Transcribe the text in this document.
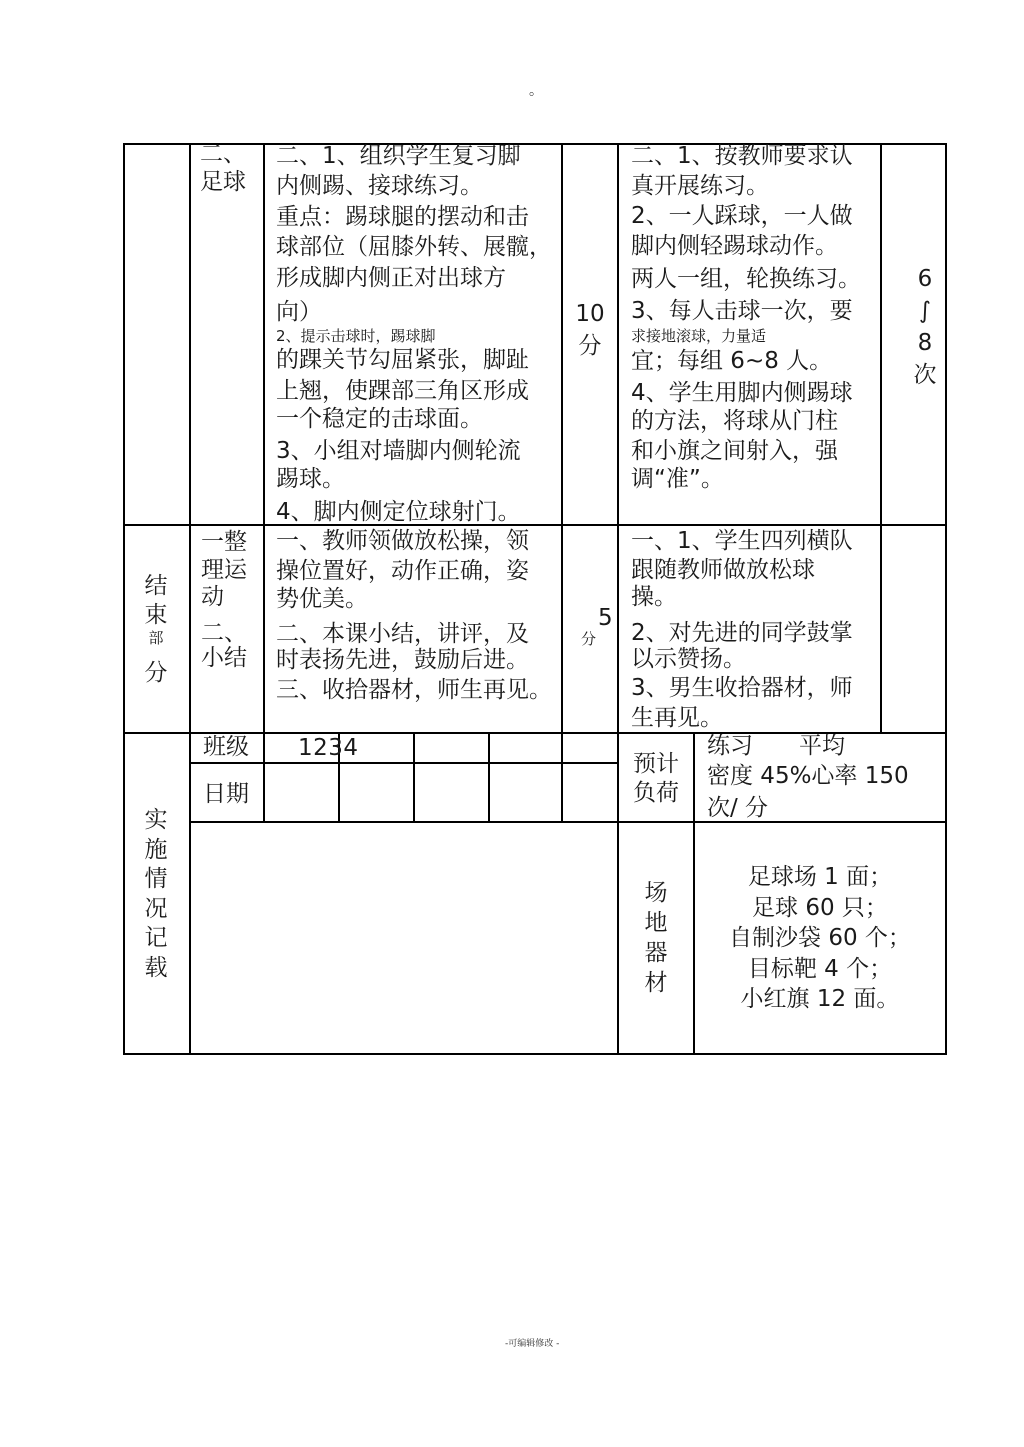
。
二、
足球
二、1、组织学生复习脚
内侧踢、接球练习。
重点：踢球腿的摆动和击
球部位（屈膝外转、展髋，
形成脚内侧正对出球方
向）
2、提示击球时，踢球脚
的踝关节勾屈紧张，脚趾
上翘，使踝部三角区形成
一个稳定的击球面。
3、小组对墙脚内侧轮流
踢球。
4、脚内侧定位球射门。
10
分
二、1、按教师要求认
真开展练习。
2、一人踩球，一人做
脚内侧轻踢球动作。
两人一组，轮换练习。
3、每人击球一次，要
求接地滚球，力量适
宜；每组 6~8 人。
4、学生用脚内侧踢球
的方法，将球从门柱
和小旗之间射入，强
调“准”。
6
∫
8
次
结
束
部
分
一整
理运
动
二、
小结
一、教师领做放松操，领
操位置好，动作正确，姿
势优美。
二、本课小结，讲评，及
时表扬先进，鼓励后进。
三、收拾器材，师生再见。
5
分
一、1、学生四列横队
跟随教师做放松球
操。
2、对先进的同学鼓掌
以示赞扬。
3、男生收拾器材，师
生再见。
实
施
情
况
记
载
班级 1234
日期
预计
负荷
练习　　平均
密度 45%心率 150
次/ 分
场
地
器
材
足球场 1 面；
足球 60 只；
自制沙袋 60 个；
目标靶 4 个；
小红旗 12 面。
-可编辑修改 -
